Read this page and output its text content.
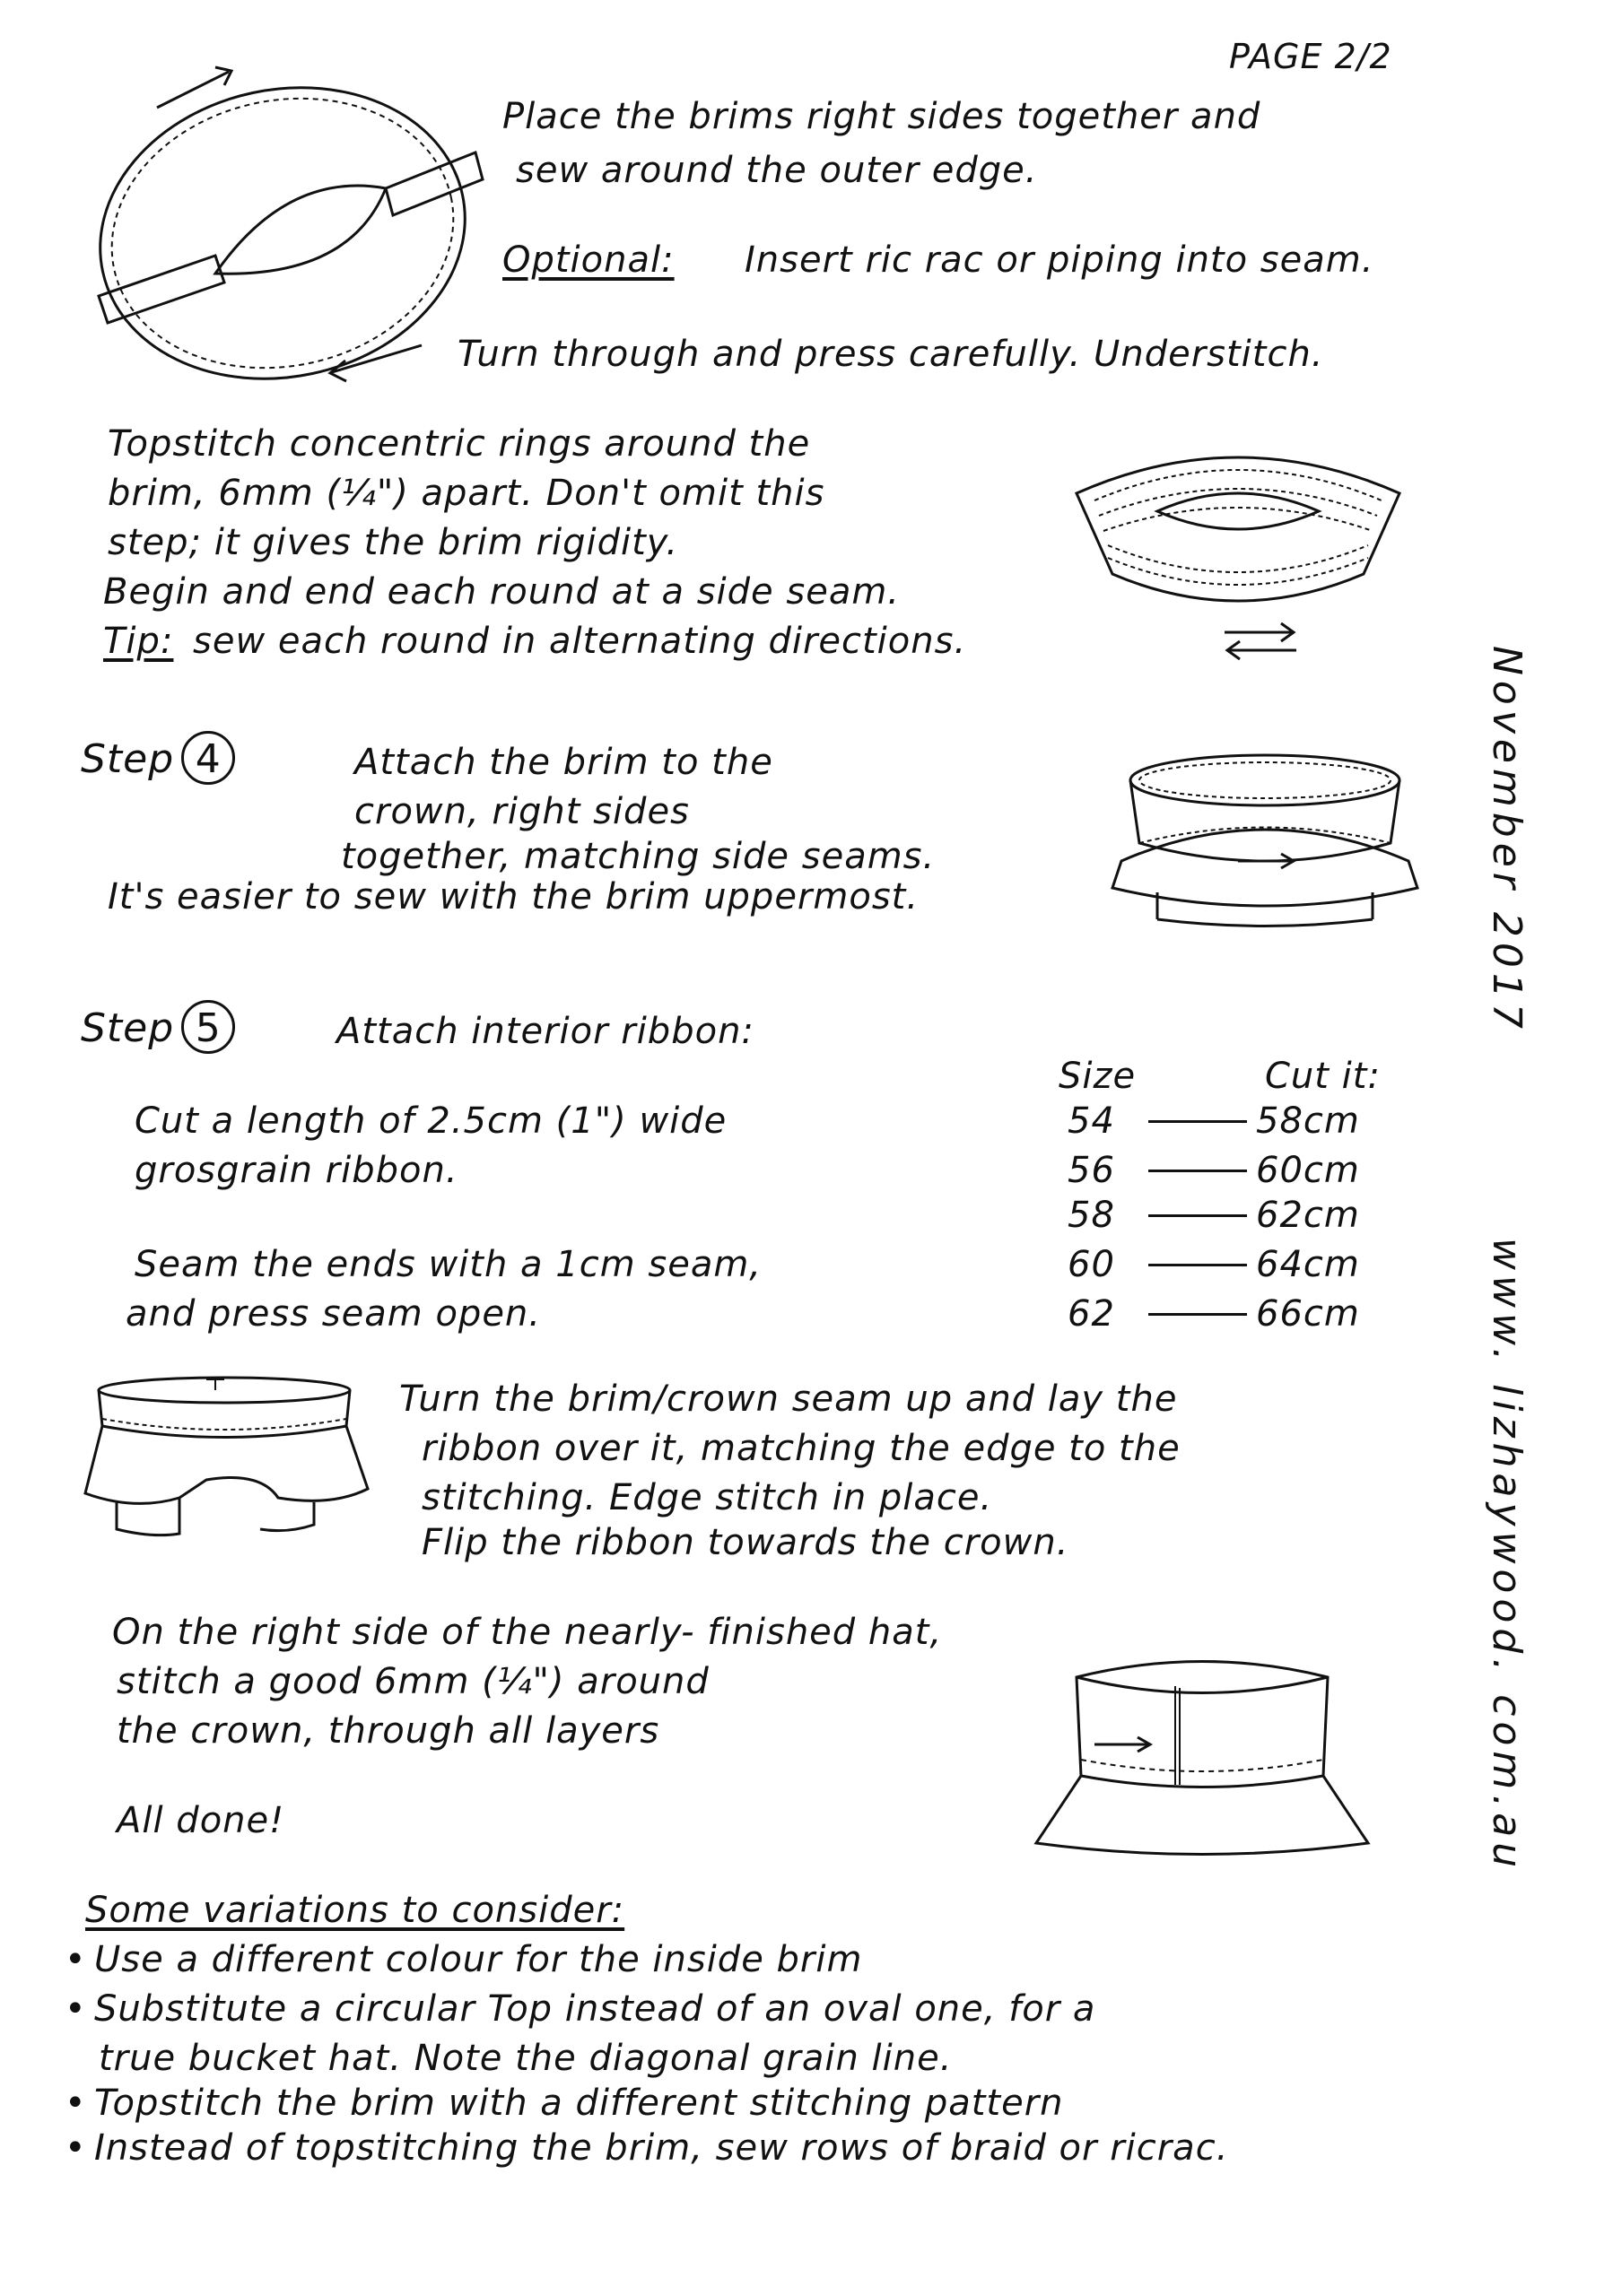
PAGE 2/2
Place the brims right sides together and
sew around the outer edge.
Optional: Insert ric rac or piping into seam.
Turn through and press carefully. Understitch.
Topstitch concentric rings around the
brim, 6mm (¼") apart. Don't omit this
step; it gives the brim rigidity.
Begin and end each round at a side seam.
Tip: sew each round in alternating directions.
Step 4	Attach the brim to the
crown, right sides
together, matching side seams.
It's easier to sew with the brim uppermost.
Step 5	Attach interior ribbon:
Cut a length of 2.5cm (1") wide
grosgrain ribbon.
Seam the ends with a 1cm seam,
and press seam open.
Size	Cut it:
54	58cm
56	60cm
58	62cm
60	64cm
62	66cm
Turn the brim/crown seam up and lay the
ribbon over it, matching the edge to the
stitching. Edge stitch in place.
Flip the ribbon towards the crown.
On the right side of the nearly- finished hat,
stitch a good 6mm (¼") around
the crown, through all layers
All done!
Some variations to consider:
• Use a different colour for the inside brim
• Substitute a circular Top instead of an oval one, for a
true bucket hat. Note the diagonal grain line.
• Topstitch the brim with a different stitching pattern
• Instead of topstitching the brim, sew rows of braid or ricrac.
November 2017
www. lizhaywood. com.au
